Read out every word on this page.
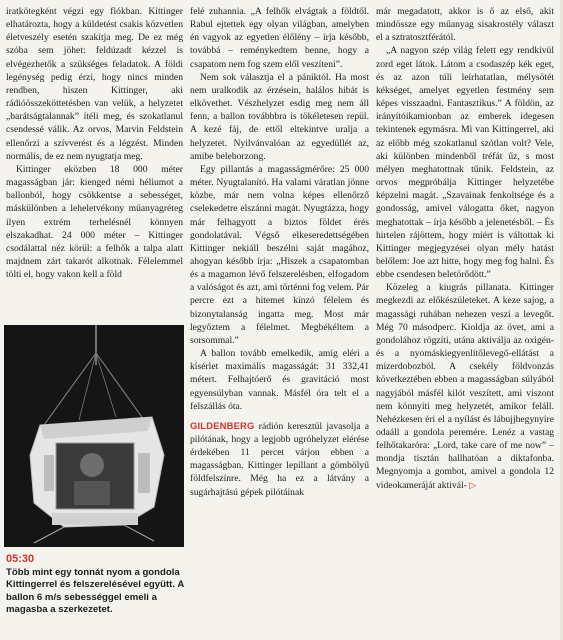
iratkötegként végzi egy fiókban. Kittinger elhatározta, hogy a küldetést csakis közvetlen életveszély esetén szakítja meg. De ez még szóba sem jöhet: feldúzadt kézzel is elvégezhetők a szükséges feladatok. A földi legénység pedig érzi, hogy nincs minden rendben, hiszen Kittinger, aki rádióösszeköttetésben van velük, a helyzetet „barátságtalannak” ítéli meg, és szokatlanul csendessé válik. Az orvos, Marvin Feldstein ellenőrzi a szívverést és a légzést. Minden normális, de ez nem nyugtatja meg.

Kittinger eközben 18 000 méter magasságban jár: kienged némi héliumot a ballonból, hogy csökkentse a sebességet, máskülönben a leheletvékony műanyagréteg ilyen extrém terhelésnél könnyen elszakadhat. 24 000 méter – Kittinger csodálattal néz körül: a felhők a talpa alatt majdnem zárt takarót alkotnak. Félelemmel tölti el, hogy vakon kell a föld

05:30
Több mint egy tonnát nyom a gondola Kittingerrel és felszerelésével együtt. A ballon 6 m/s sebességgel emeli a magasba a szerkezetet.

felé zuhannia. „A felhők elvágtak a földtől. Rabul ejtettek egy olyan világban, amelyben én vagyok az egyetlen élőlény – írja később, továbbá – reménykedtem benne, hogy a csapatom nem fog szem elől veszíteni”.

Nem sok választja el a pániktól. Ha most nem uralkodik az érzésein, halálos hibát is elkövethet. Vészhelyzet esdig meg nem áll fenn, a ballon továbbbra is tökéletesen repül. A kezé fáj, de ettől eltekintve uralja a helyzetet. Nyilvánvalóan az egyedüllét az, amibe beleborzong.

Egy pillantás a magasságmérőre: 25 000 méter. Nyugtalanító. Ha valami váratlan jönne közbe, már nem volna képes ellenőrző cselekedetre elszánni magát. Nyugtázza, hogy már felhagyott a biztos földet érés gondolatával. Végső elkeseredettségében Kittinger nekiáll beszélni saját magához, ahogyan később írja: „Hiszek a csapatomban és a magamon lévő felszerelésben, elfogadom a valóságot és azt, ami történni fog velem. Pár percre ezt a hitemet kínzó félelem és bizonytalanság ingatta meg. Most már legyőztem a félelmet. Megbékéltem a sorsommal.”

A ballon tovább emelkedik, amíg eléri a kísérlet maximális magasságát: 31 332,41 métert. Felhajtóerő és gravitáció most egyensúlyban vannak. Másfél óra telt el a felszállás óta.

GILDENBERG rádión keresztül javasolja a pilótának, hogy a legjobb ugróhelyzet elérése érdekében 11 percet várjon ebben a magasságban. Kittinger lepillant a gömbölyű földfelszínre. Még ha ez a látvány a sugárhajtású gépek pilótáinak

már megadatott, akkor is ő az első, akit mindössze egy műanyag sisakrostély választ el a sztratosztférától.

„A nagyon szép világ felett egy rendkívül zord eget látok. Látom a csodaszép kék eget, és az azon túli leírhatatlan, mélysötét kékséget, amelyet egyetlen festmény sem képes visszaadni. Fantasztikus.” A földön, az irányítóikamionban az emberek idegesen tekintenek egymásra. Mi van Kittingerrel, aki az előbb még szokatlanul szótlan volt? Vele, aki különben mindenből tréfát űz, s most mélyen meghatottnak tűnik. Feldstein, az orvos megpróbálja Kittinger helyzetébe képzelni magát. „Szavainak fenkoltsége és a gondosság, amivel válogatta őket, nagyon meghatottak – írja később a jelenetésből. – És hirtelen rájöttem, hogy miért is váltottak ki Kittinger megjegyzései olyan mély hatást belőlem: Joe azt hitte, hogy meg fog halni. És ebbe csendesen beletörődött.”

Közeleg a kiugrás pillanata. Kittinger megkezdi az előkészületeket. A keze sajog, a magassági ruhában nehezen veszi a levegőt. Még 70 másodperc. Kioldja az övet, ami a gondolához rögzíti, utána aktiválja az oxigén- és a nyomáskiegyenlítőlevegő-ellátást a mizerdobozból. A csekély földvonzás következtében ebben a magasságban súlyából nagyjából másfél kilót veszített, ami viszont nem könnyíti meg helyzetét, amikor feláll. Nehézkesen éri el a nyílást és lábujjhegynyire odaáll a gondola peremére. Lenéz a vastag felhőtakaróra: „Lord, take care of me now” – mondja tisztán hallhatóan a diktafonba. Megnyomja a gombot, amivel a gondola 12 videokameráját aktivál- ▷
